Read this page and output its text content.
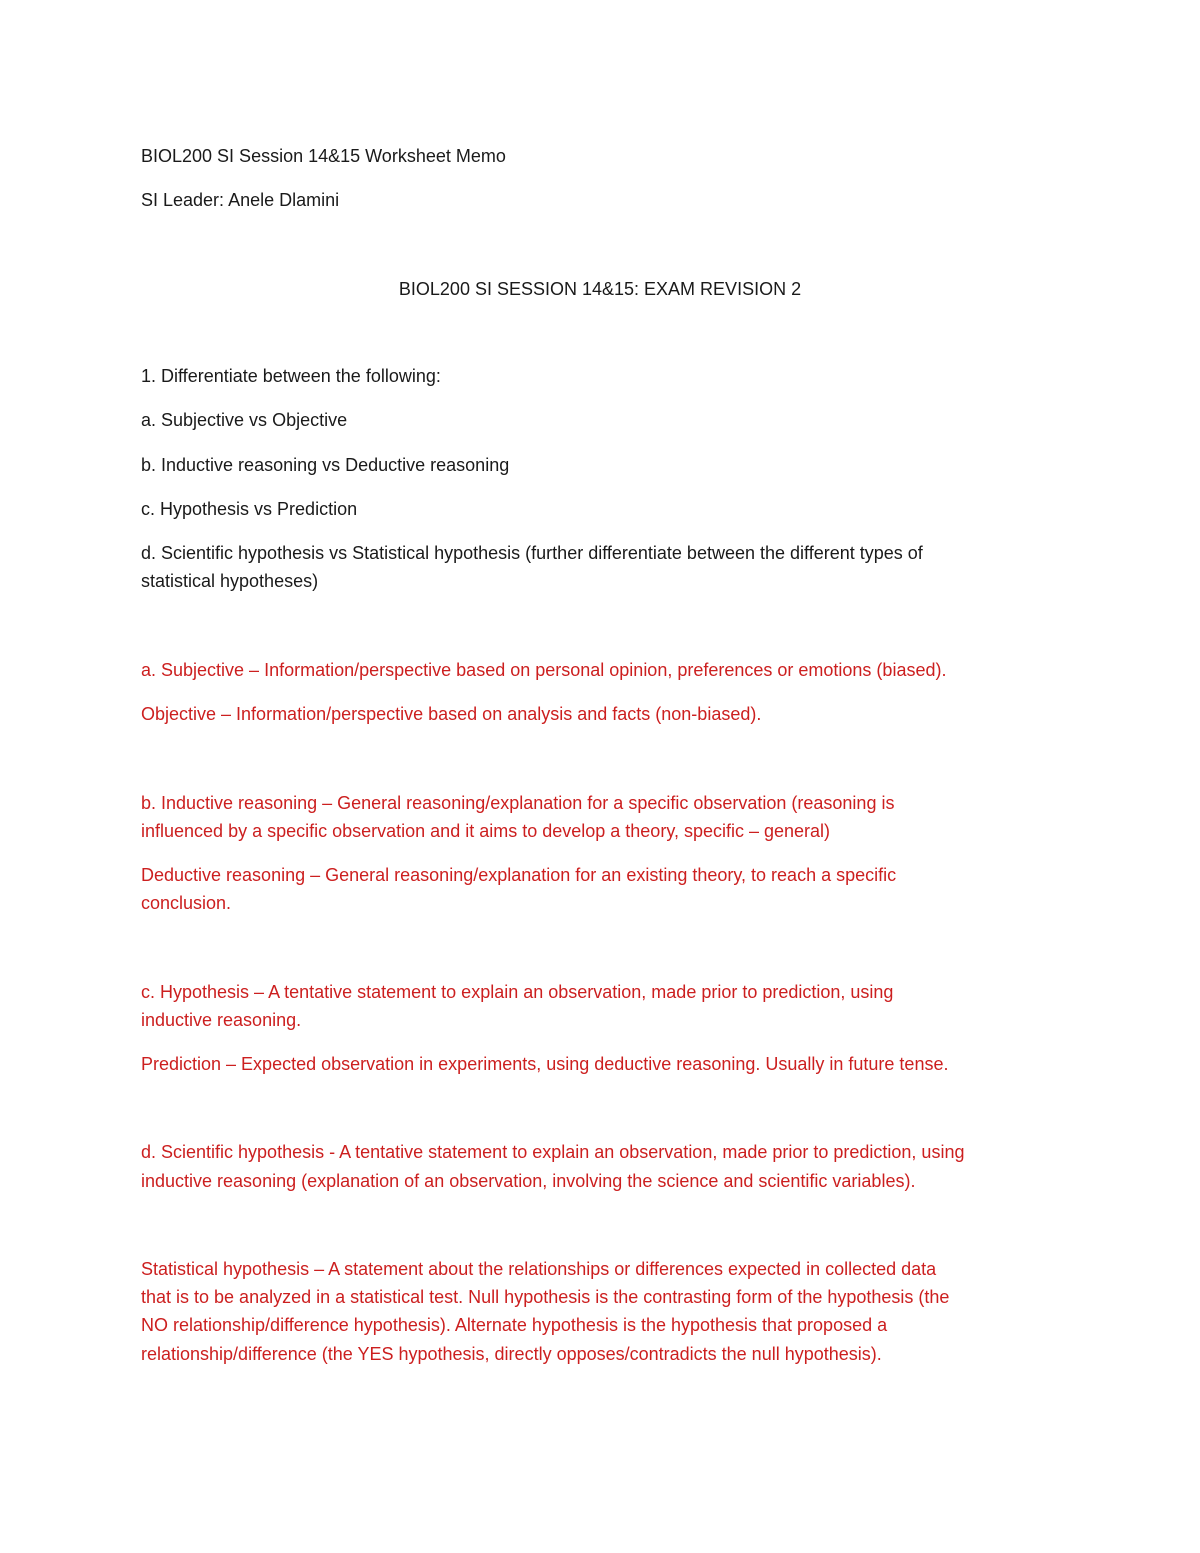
BIOL200 SI Session 14&15 Worksheet Memo

SI Leader: Anele Dlamini

BIOL200 SI SESSION 14&15: EXAM REVISION 2

1. Differentiate between the following:

a. Subjective vs Objective

b. Inductive reasoning vs Deductive reasoning

c. Hypothesis vs Prediction

d. Scientific hypothesis vs Statistical hypothesis (further differentiate between the different types of

statistical hypotheses)

a. Subjective – Information/perspective based on personal opinion, preferences or emotions (biased).

Objective – Information/perspective based on analysis and facts (non-biased).

b. Inductive reasoning – General reasoning/explanation for a specific observation (reasoning is

influenced by a specific observation and it aims to develop a theory, specific – general)

Deductive reasoning – General reasoning/explanation for an existing theory, to reach a specific

conclusion.

c. Hypothesis – A tentative statement to explain an observation, made prior to prediction, using

inductive reasoning.

Prediction – Expected observation in experiments, using deductive reasoning. Usually in future tense.

d. Scientific hypothesis - A tentative statement to explain an observation, made prior to prediction, using

inductive reasoning (explanation of an observation, involving the science and scientific variables).

Statistical hypothesis – A statement about the relationships or differences expected in collected data

that is to be analyzed in a statistical test. Null hypothesis is the contrasting form of the hypothesis (the

NO relationship/difference hypothesis). Alternate hypothesis is the hypothesis that proposed a

relationship/difference (the YES hypothesis, directly opposes/contradicts the null hypothesis).
